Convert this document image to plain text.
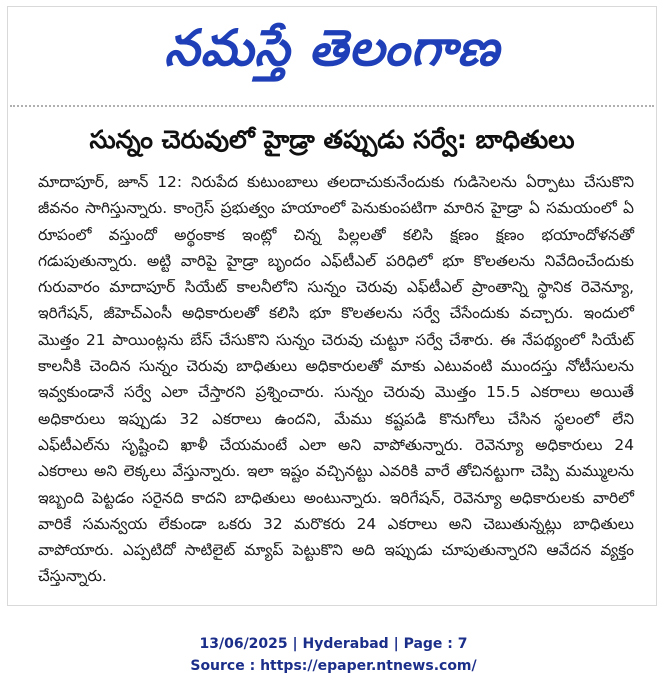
నమస్తే తెలంగాణ
సున్నం చెరువులో హైడ్రా తప్పుడు సర్వే: బాధితులు
మాదాపూర్, జూన్ 12: నిరుపేద కుటుంబాలు తలదాచుకునేందుకు గుడిసెలను ఏర్పాటు చేసుకొని జీవనం సాగిస్తున్నారు. కాంగ్రెస్ ప్రభుత్వం హయాంలో పెనుకుంపటిగా మారిన హైడ్రా ఏ సమయంలో ఏ రూపంలో వస్తుందో అర్థంకాక ఇంట్లో చిన్న పిల్లలతో కలిసి క్షణం క్షణం భయాందోళనతో గడుపుతున్నారు. అట్టి వారిపై హైడ్రా బృందం ఎఫ్‌టీఎల్ పరిధిలో భూ కొలతలను నివేదించేందుకు గురువారం మాదాపూర్ సియేట్ కాలనీలోని సున్నం చెరువు ఎఫ్‌టీఎల్ ప్రాంతాన్ని స్థానిక రెవెన్యూ, ఇరిగేషన్, జీహెచ్‌ఎంసీ అధికారులతో కలిసి భూ కొలతలను సర్వే చేసేందుకు వచ్చారు. ఇందులో మొత్తం 21 పాయింట్లను బేస్ చేసుకొని సున్నం చెరువు చుట్టూ సర్వే చేశారు. ఈ నేపథ్యంలో సియేట్ కాలనీకి చెందిన సున్నం చెరువు బాధితులు అధికారులతో మాకు ఎటువంటి ముందస్తు నోటీసులను ఇవ్వకుండానే సర్వే ఎలా చేస్తారని ప్రశ్నించారు. సున్నం చెరువు మొత్తం 15.5 ఎకరాలు అయితే అధికారులు ఇప్పుడు 32 ఎకరాలు ఉందని, మేము కష్టపడి కొనుగోలు చేసిన స్థలంలో లేని ఎఫ్‌టీఎల్‌ను సృష్టించి ఖాళీ చేయమంటే ఎలా అని వాపోతున్నారు. రెవెన్యూ అధికారులు 24 ఎకరాలు అని లెక్కలు వేస్తున్నారు. ఇలా ఇష్టం వచ్చినట్టు ఎవరికి వారే తోచినట్టుగా చెప్పి మమ్ములను ఇబ్బంది పెట్టడం సరైనది కాదని బాధితులు అంటున్నారు. ఇరిగేషన్, రెవెన్యూ అధికారులకు వారిలో వారికే సమన్వయ లేకుండా ఒకరు 32 మరొకరు 24 ఎకరాలు అని చెబుతున్నట్లు బాధితులు వాపోయారు. ఎప్పటిదో సాటిలైట్ మ్యాప్ పెట్టుకొని అది ఇప్పుడు చూపుతున్నారని ఆవేదన వ్యక్తం చేస్తున్నారు.
13/06/2025 | Hyderabad | Page : 7
Source : https://epaper.ntnews.com/
